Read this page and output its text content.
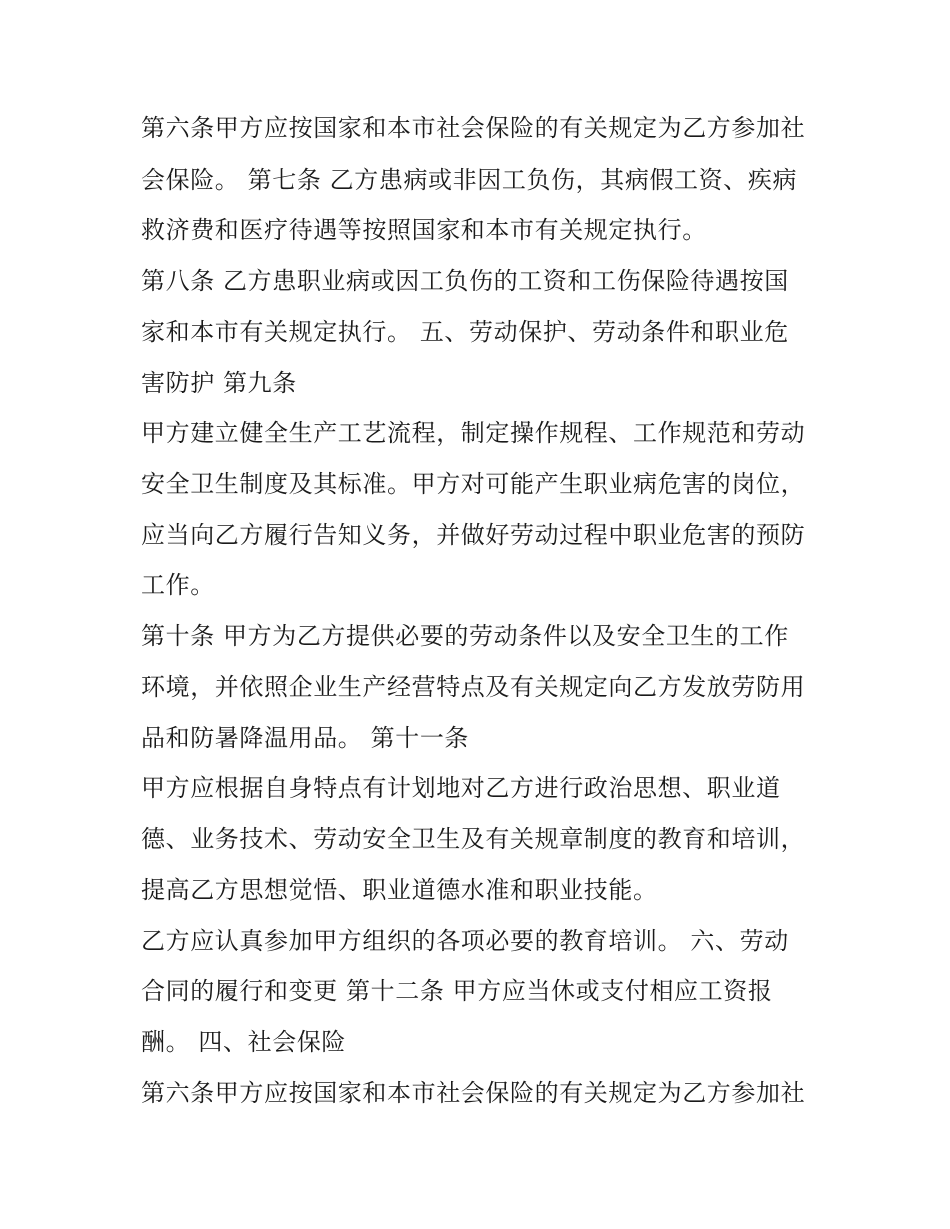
第六条甲方应按国家和本市社会保险的有关规定为乙方参加社

会保险。 第七条 乙方患病或非因工负伤，其病假工资、疾病

救济费和医疗待遇等按照国家和本市有关规定执行。

第八条 乙方患职业病或因工负伤的工资和工伤保险待遇按国

家和本市有关规定执行。 五、劳动保护、劳动条件和职业危

害防护 第九条

甲方建立健全生产工艺流程，制定操作规程、工作规范和劳动

安全卫生制度及其标准。甲方对可能产生职业病危害的岗位，

应当向乙方履行告知义务，并做好劳动过程中职业危害的预防

工作。

第十条 甲方为乙方提供必要的劳动条件以及安全卫生的工作

环境，并依照企业生产经营特点及有关规定向乙方发放劳防用

品和防暑降温用品。 第十一条

甲方应根据自身特点有计划地对乙方进行政治思想、职业道

德、业务技术、劳动安全卫生及有关规章制度的教育和培训，

提高乙方思想觉悟、职业道德水准和职业技能。

乙方应认真参加甲方组织的各项必要的教育培训。 六、劳动

合同的履行和变更 第十二条 甲方应当休或支付相应工资报

酬。 四、社会保险

第六条甲方应按国家和本市社会保险的有关规定为乙方参加社
